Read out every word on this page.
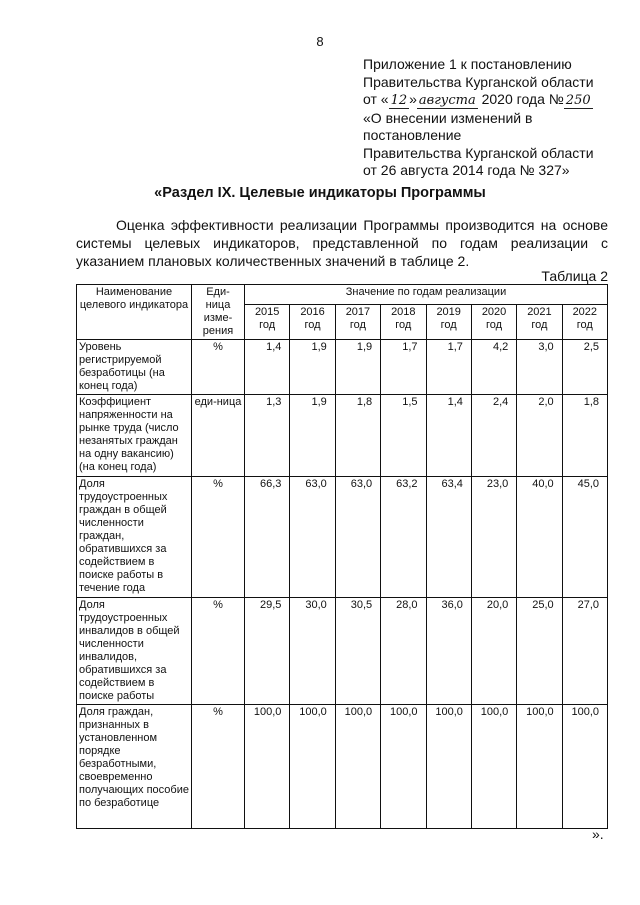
8
Приложение 1 к постановлению
Правительства Курганской области
от « 12 » августа 2020 года № 250
«О внесении изменений в
постановление
Правительства Курганской области
от 26 августа 2014 года № 327»
«Раздел IX. Целевые индикаторы Программы
Оценка эффективности реализации Программы производится на основе системы целевых индикаторов, представленной по годам реализации с указанием плановых количественных значений в таблице 2.
Таблица 2
Наименование целевого индикатора	Еди-ница изме-рения	Значение по годам реализации							
		2015 год	2016 год	2017 год	2018 год	2019 год	2020 год	2021 год	2022 год
Уровень регистрируемой безработицы (на конец года)	%	1,4	1,9	1,9	1,7	1,7	4,2	3,0	2,5
Коэффициент напряженности на рынке труда (число незанятых граждан на одну вакансию) (на конец года)	еди-ница	1,3	1,9	1,8	1,5	1,4	2,4	2,0	1,8
Доля трудоустроенных граждан в общей численности граждан, обратившихся за содействием в поиске работы в течение года	%	66,3	63,0	63,0	63,2	63,4	23,0	40,0	45,0
Доля трудоустроенных инвалидов в общей численности инвалидов, обратившихся за содействием в поиске работы	%	29,5	30,0	30,5	28,0	36,0	20,0	25,0	27,0
Доля граждан, признанных в установленном порядке безработными, своевременно получающих пособие по безработице	%	100,0	100,0	100,0	100,0	100,0	100,0	100,0	100,0
».
